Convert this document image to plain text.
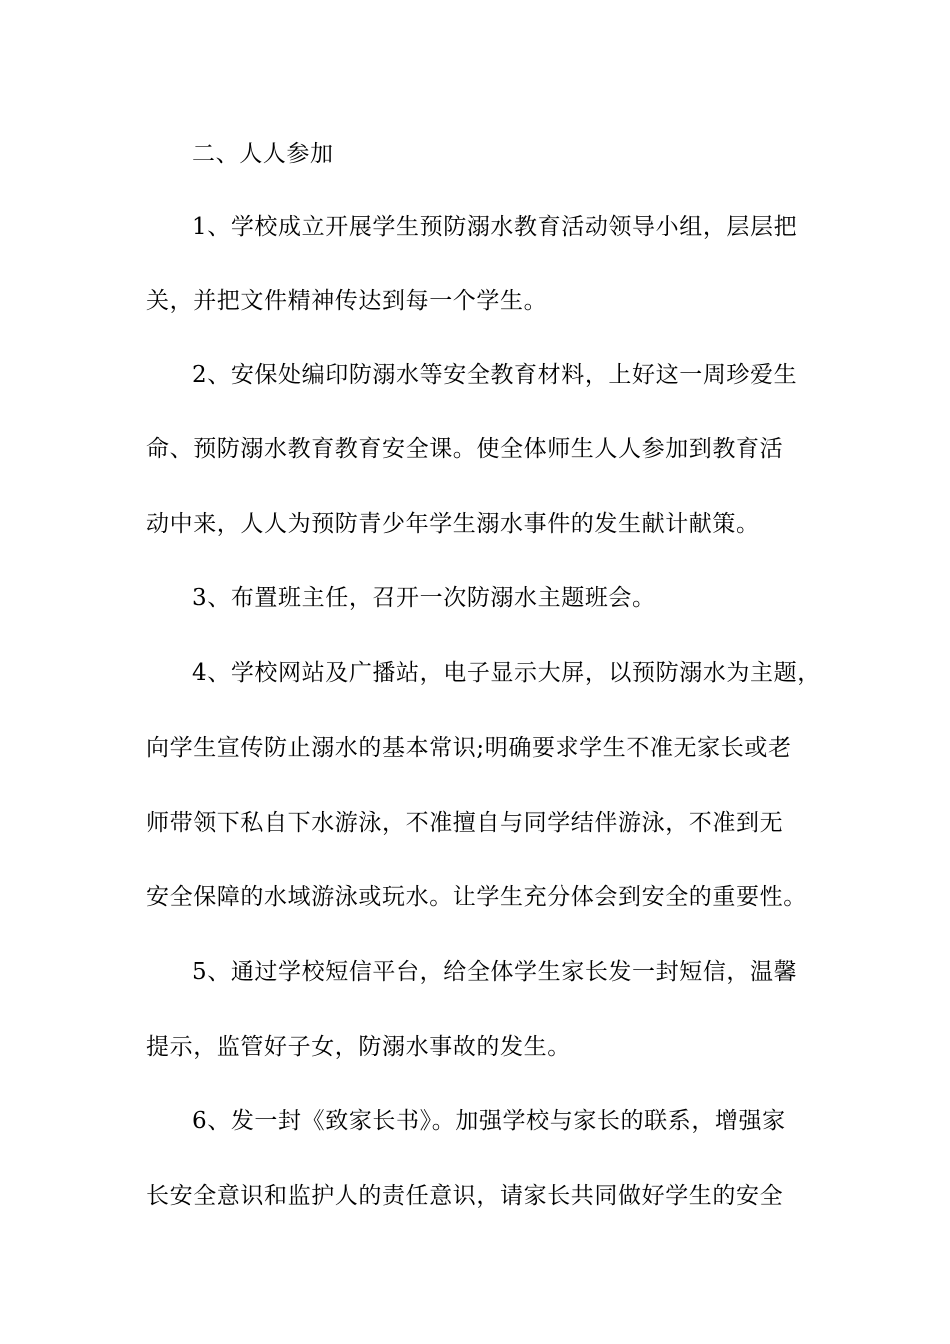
二、人人参加
1、学校成立开展学生预防溺水教育活动领导小组，层层把
关，并把文件精神传达到每一个学生。
2、安保处编印防溺水等安全教育材料，上好这一周珍爱生
命、预防溺水教育教育安全课。使全体师生人人参加到教育活
动中来，人人为预防青少年学生溺水事件的发生献计献策。
3、布置班主任，召开一次防溺水主题班会。
4、学校网站及广播站，电子显示大屏，以预防溺水为主题，
向学生宣传防止溺水的基本常识;明确要求学生不准无家长或老
师带领下私自下水游泳，不准擅自与同学结伴游泳，不准到无
安全保障的水域游泳或玩水。让学生充分体会到安全的重要性。
5、通过学校短信平台，给全体学生家长发一封短信，温馨
提示，监管好子女，防溺水事故的发生。
6、发一封《致家长书》。加强学校与家长的联系，增强家
长安全意识和监护人的责任意识，请家长共同做好学生的安全
